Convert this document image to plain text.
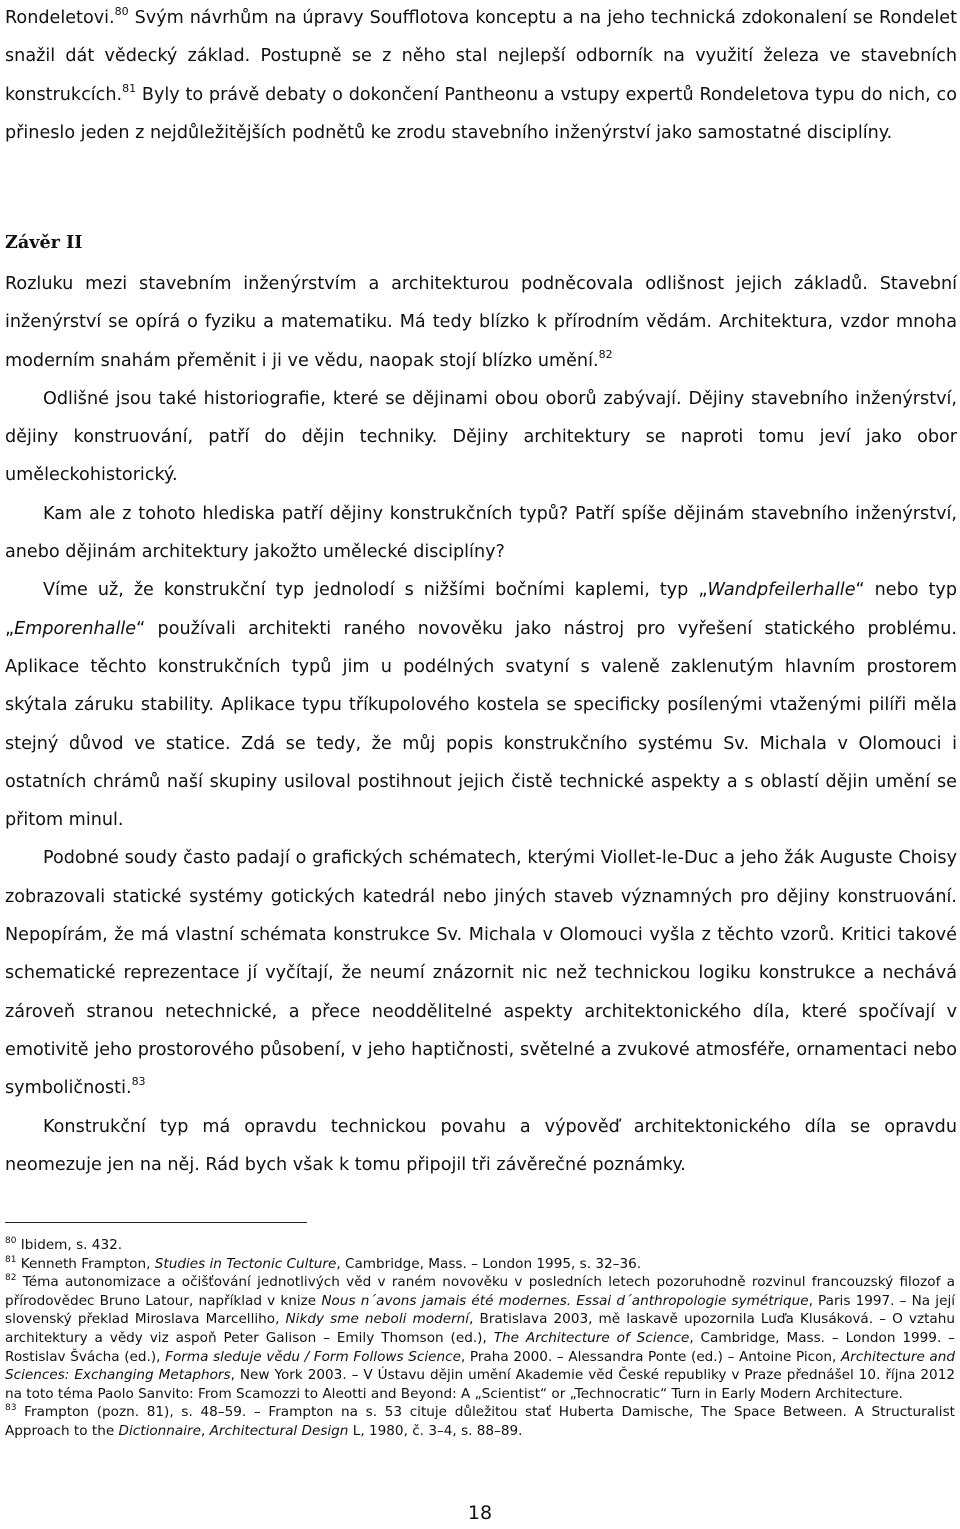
Rondeletovi.$^{80}$ Svým návrhům na úpravy Soufflotova konceptu a na jeho technická zdokonalení se Rondelet snažil dát vědecký základ. Postupně se z něho stal nejlepší odborník na využití železa ve stavebních konstrukcích.$^{81}$ Byly to právě debaty o dokončení Pantheonu a vstupy expertů Rondeletova typu do nich, co přineslo jeden z nejdůležitějších podnětů ke zrodu stavebního inženýrství jako samostatné disciplíny.

Závěr II

Rozluku mezi stavebním inženýrstvím a architekturou podněcovala odlišnost jejich základů. Stavební inženýrství se opírá o fyziku a matematiku. Má tedy blízko k přírodním vědám. Architektura, vzdor mnoha moderním snahám přeměnit i ji ve vědu, naopak stojí blízko umění.$^{82}$

Odlišné jsou také historiografie, které se dějinami obou oborů zabývají. Dějiny stavebního inženýrství, dějiny konstruování, patří do dějin techniky. Dějiny architektury se naproti tomu jeví jako obor uměleckohistorický.

Kam ale z tohoto hlediska patří dějiny konstrukčních typů? Patří spíše dějinám stavebního inženýrství, anebo dějinám architektury jakožto umělecké disciplíny?

Víme už, že konstrukční typ jednolodí s nižšími bočními kaplemi, typ „Wandpfeilerhalle“ nebo typ „Emporenhalle“ používali architekti raného novověku jako nástroj pro vyřešení statického problému. Aplikace těchto konstrukčních typů jim u podélných svatyní s valeně zaklenutým hlavním prostorem skýtala záruku stability. Aplikace typu tříkupolového kostela se specificky posílenými vtaženými pilíři měla stejný důvod ve statice. Zdá se tedy, že můj popis konstrukčního systému Sv. Michala v Olomouci i ostatních chrámů naší skupiny usiloval postihnout jejich čistě technické aspekty a s oblastí dějin umění se přitom minul.

Podobné soudy často padají o grafických schématech, kterými Viollet-le-Duc a jeho žák Auguste Choisy zobrazovali statické systémy gotických katedrál nebo jiných staveb významných pro dějiny konstruování. Nepopírám, že má vlastní schémata konstrukce Sv. Michala v Olomouci vyšla z těchto vzorů. Kritici takové schematické reprezentace jí vyčítají, že neumí znázornit nic než technickou logiku konstrukce a nechává zároveň stranou netechnické, a přece neoddělitelné aspekty architektonického díla, které spočívají v emotivitě jeho prostorového působení, v jeho haptičnosti, světelné a zvukové atmosféře, ornamentaci nebo symboličnosti.$^{83}$

Konstrukční typ má opravdu technickou povahu a výpověď architektonického díla se opravdu neomezuje jen na něj. Rád bych však k tomu připojil tři závěrečné poznámky.

$^{80}$ Ibidem, s. 432.

$^{81}$ Kenneth Frampton, Studies in Tectonic Culture, Cambridge, Mass. – London 1995, s. 32–36.

$^{82}$ Téma autonomizace a očišťování jednotlivých věd v raném novověku v posledních letech pozoruhodně rozvinul francouzský filozof a přírodovědec Bruno Latour, například v knize Nous n´avons jamais été modernes. Essai d´anthropologie symétrique, Paris 1997. – Na její slovenský překlad Miroslava Marcelliho, Nikdy sme neboli moderní, Bratislava 2003, mě laskavě upozornila Luďa Klusáková. – O vztahu architektury a vědy viz aspoň Peter Galison – Emily Thomson (ed.), The Architecture of Science, Cambridge, Mass. – London 1999. – Rostislav Švácha (ed.), Forma sleduje vědu / Form Follows Science, Praha 2000. – Alessandra Ponte (ed.) – Antoine Picon, Architecture and Sciences: Exchanging Metaphors, New York 2003. – V Ústavu dějin umění Akademie věd České republiky v Praze přednášel 10. října 2012 na toto téma Paolo Sanvito: From Scamozzi to Aleotti and Beyond: A „Scientist“ or „Technocratic“ Turn in Early Modern Architecture.

$^{83}$ Frampton (pozn. 81), s. 48–59. – Frampton na s. 53 cituje důležitou stať Huberta Damische, The Space Between. A Structuralist Approach to the Dictionnaire, Architectural Design L, 1980, č. 3–4, s. 88–89.

18
